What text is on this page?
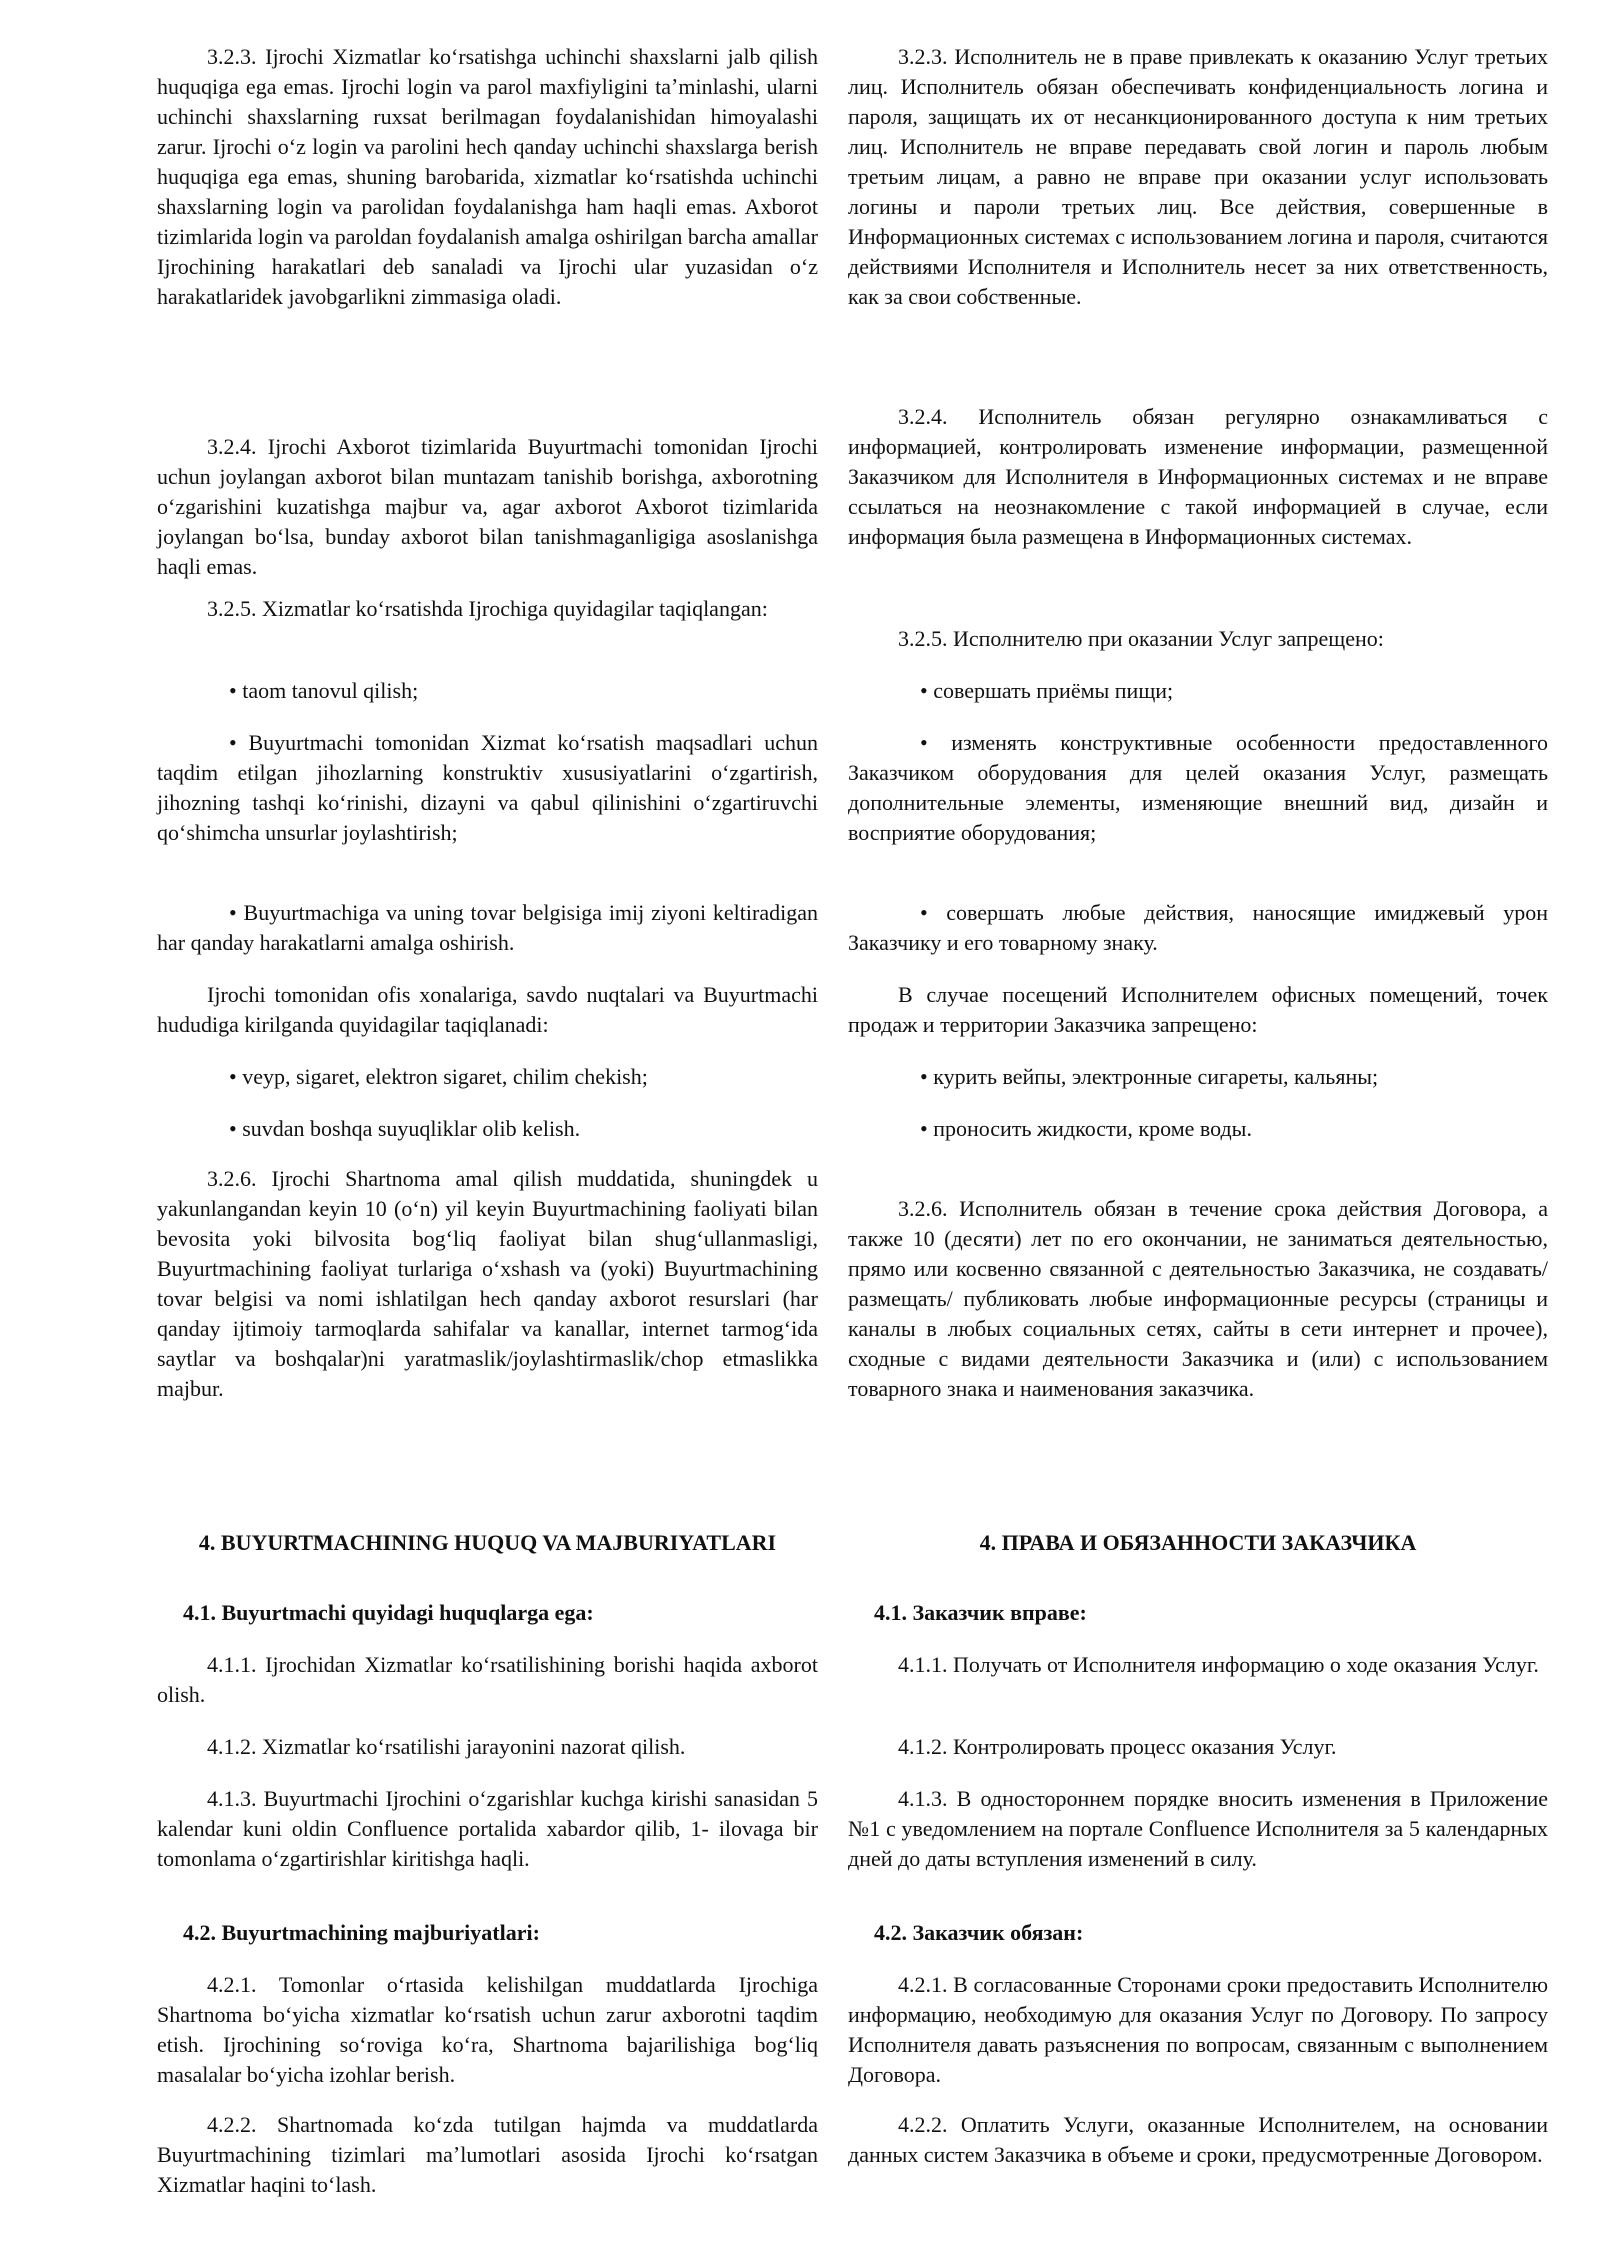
3.2.3. Ijrochi Xizmatlar koʻrsatishga uchinchi shaxslarni jalb qilish huquqiga ega emas. Ijrochi login va parol maxfiyligini taʼminlashi, ularni uchinchi shaxslarning ruxsat berilmagan foydalanishidan himoyalashi zarur. Ijrochi oʻz login va parolini hech qanday uchinchi shaxslarga berish huquqiga ega emas, shuning barobarida, xizmatlar koʻrsatishda uchinchi shaxslarning login va parolidan foydalanishga ham haqli emas. Axborot tizimlarida login va paroldan foydalanish amalga oshirilgan barcha amallar Ijrochining harakatlari deb sanaladi va Ijrochi ular yuzasidan oʻz harakatlaridek javobgarlikni zimmasiga oladi.

3.2.4. Ijrochi Axborot tizimlarida Buyurtmachi tomonidan Ijrochi uchun joylangan axborot bilan muntazam tanishib borishga, axborotning oʻzgarishini kuzatishga majbur va, agar axborot Axborot tizimlarida joylangan boʻlsa, bunday axborot bilan tanishmaganligiga asoslanishga haqli emas.

3.2.5. Xizmatlar koʻrsatishda Ijrochiga quyidagilar taqiqlangan:

• taom tanovul qilish;

• Buyurtmachi tomonidan Xizmat koʻrsatish maqsadlari uchun taqdim etilgan jihozlarning konstruktiv xususiyatlarini oʻzgartirish, jihozning tashqi koʻrinishi, dizayni va qabul qilinishini oʻzgartiruvchi qoʻshimcha unsurlar joylashtirish;

• Buyurtmachiga va uning tovar belgisiga imij ziyoni keltiradigan har qanday harakatlarni amalga oshirish.

Ijrochi tomonidan ofis xonalariga, savdo nuqtalari va Buyurtmachi hududiga kirilganda quyidagilar taqiqlanadi:

• veyp, sigaret, elektron sigaret, chilim chekish;

• suvdan boshqa suyuqliklar olib kelish.

3.2.6. Ijrochi Shartnoma amal qilish muddatida, shuningdek u yakunlangandan keyin 10 (oʻn) yil keyin Buyurtmachining faoliyati bilan bevosita yoki bilvosita bogʻliq faoliyat bilan shugʻullanmasligi, Buyurtmachining faoliyat turlariga oʻxshash va (yoki) Buyurtmachining tovar belgisi va nomi ishlatilgan hech qanday axborot resurslari (har qanday ijtimoiy tarmoqlarda sahifalar va kanallar, internet tarmogʻida saytlar va boshqalar)ni yaratmaslik/joylashtirmaslik/chop etmaslikka majbur.

4. BUYURTMACHINING HUQUQ VA MAJBURIYATLARI

4.1. Buyurtmachi quyidagi huquqlarga ega:

4.1.1. Ijrochidan Xizmatlar koʻrsatilishining borishi haqida axborot olish.

4.1.2. Xizmatlar koʻrsatilishi jarayonini nazorat qilish.

4.1.3. Buyurtmachi Ijrochini oʻzgarishlar kuchga kirishi sanasidan 5 kalendar kuni oldin Confluence portalida xabardor qilib, 1- ilovaga bir tomonlama oʻzgartirishlar kiritishga haqli.

4.2. Buyurtmachining majburiyatlari:

4.2.1. Tomonlar oʻrtasida kelishilgan muddatlarda Ijrochiga Shartnoma boʻyicha xizmatlar koʻrsatish uchun zarur axborotni taqdim etish. Ijrochining soʻroviga koʻra, Shartnoma bajarilishiga bogʻliq masalalar boʻyicha izohlar berish.

4.2.2. Shartnomada koʻzda tutilgan hajmda va muddatlarda Buyurtmachining tizimlari maʼlumotlari asosida Ijrochi koʻrsatgan Xizmatlar haqini toʻlash.

3.2.3. Исполнитель не в праве привлекать к оказанию Услуг третьих лиц. Исполнитель обязан обеспечивать конфиденциальность логина и пароля, защищать их от несанкционированного доступа к ним третьих лиц. Исполнитель не вправе передавать свой логин и пароль любым третьим лицам, а равно не вправе при оказании услуг использовать логины и пароли третьих лиц. Все действия, совершенные в Информационных системах с использованием логина и пароля, считаются действиями Исполнителя и Исполнитель несет за них ответственность, как за свои собственные.

3.2.4. Исполнитель обязан регулярно ознакамливаться с информацией, контролировать изменение информации, размещенной Заказчиком для Исполнителя в Информационных системах и не вправе ссылаться на неознакомление с такой информацией в случае, если информация была размещена в Информационных системах.

3.2.5. Исполнителю при оказании Услуг запрещено:

• совершать приёмы пищи;

• изменять конструктивные особенности предоставленного Заказчиком оборудования для целей оказания Услуг, размещать дополнительные элементы, изменяющие внешний вид, дизайн и восприятие оборудования;

• совершать любые действия, наносящие имиджевый урон Заказчику и его товарному знаку.

В случае посещений Исполнителем офисных помещений, точек продаж и территории Заказчика запрещено:

• курить вейпы, электронные сигареты, кальяны;

• проносить жидкости, кроме воды.

3.2.6. Исполнитель обязан в течение срока действия Договора, а также 10 (десяти) лет по его окончании, не заниматься деятельностью, прямо или косвенно связанной с деятельностью Заказчика, не создавать/ размещать/ публиковать любые информационные ресурсы (страницы и каналы в любых социальных сетях, сайты в сети интернет и прочее), сходные с видами деятельности Заказчика и (или) с использованием товарного знака и наименования заказчика.

4. ПРАВА И ОБЯЗАННОСТИ ЗАКАЗЧИКА

4.1. Заказчик вправе:

4.1.1. Получать от Исполнителя информацию о ходе оказания Услуг.

4.1.2. Контролировать процесс оказания Услуг.

4.1.3. В одностороннем порядке вносить изменения в Приложение №1 с уведомлением на портале Confluence Исполнителя за 5 календарных дней до даты вступления изменений в силу.

4.2. Заказчик обязан:

4.2.1. В согласованные Сторонами сроки предоставить Исполнителю информацию, необходимую для оказания Услуг по Договору. По запросу Исполнителя давать разъяснения по вопросам, связанным с выполнением Договора.

4.2.2. Оплатить Услуги, оказанные Исполнителем, на основании данных систем Заказчика в объеме и сроки, предусмотренные Договором.
